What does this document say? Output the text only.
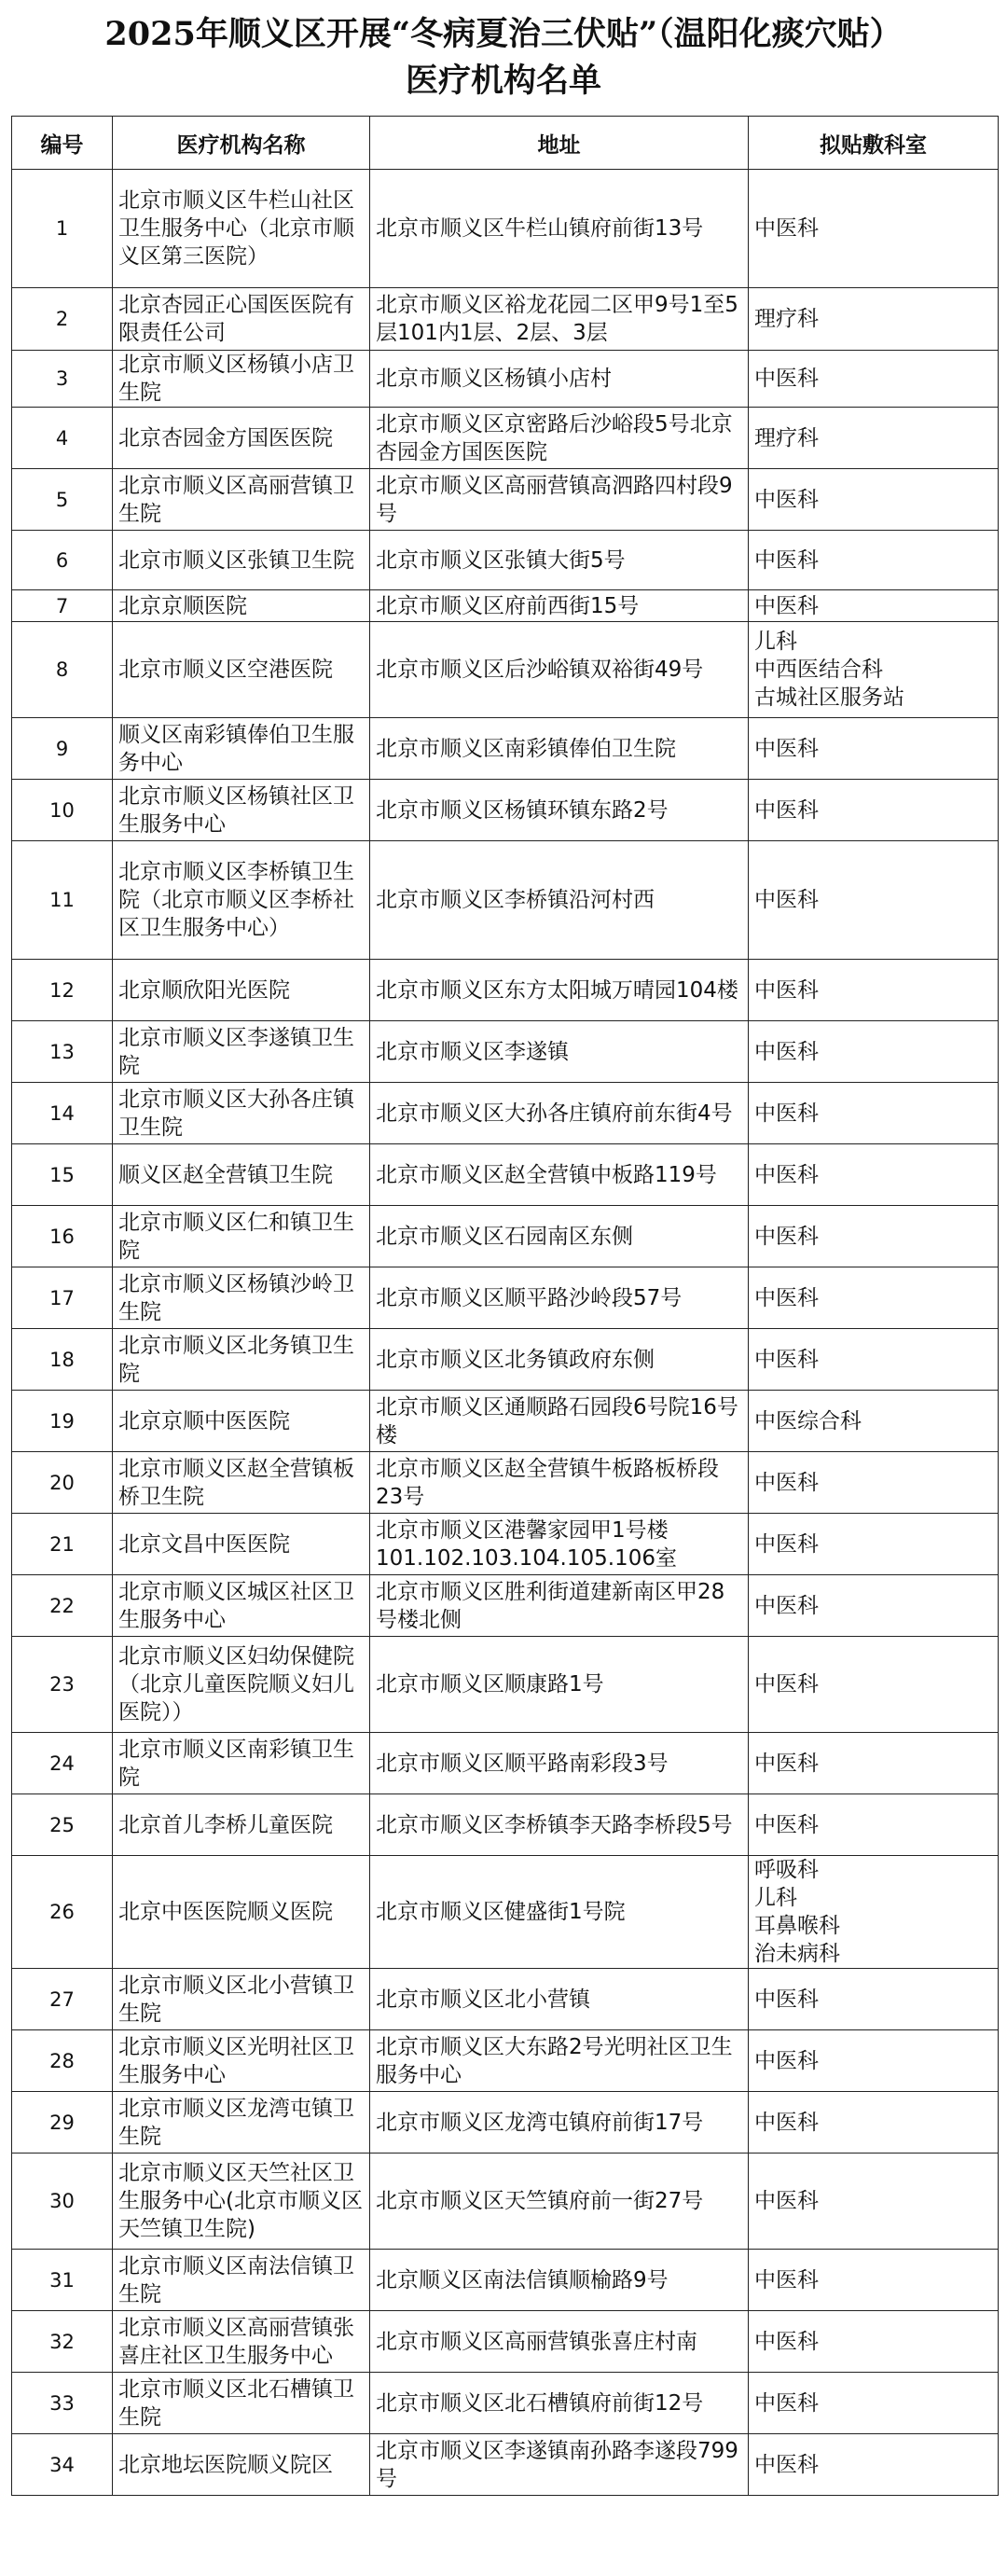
2025年顺义区开展“冬病夏治三伏贴”（温阳化痰穴贴）
医疗机构名单
编号	医疗机构名称	地址	拟贴敷科室
1	北京市顺义区牛栏山社区卫生服务中心（北京市顺义区第三医院）	北京市顺义区牛栏山镇府前街13号	中医科

2	北京杏园正心国医医院有限责任公司	北京市顺义区裕龙花园二区甲9号1至5层101内1层、2层、3层	理疗科

3	北京市顺义区杨镇小店卫生院	北京市顺义区杨镇小店村	中医科

4	北京杏园金方国医医院	北京市顺义区京密路后沙峪段5号北京杏园金方国医医院	理疗科

5	北京市顺义区高丽营镇卫生院	北京市顺义区高丽营镇高泗路四村段9号	中医科

6	北京市顺义区张镇卫生院	北京市顺义区张镇大街5号	中医科

7	北京京顺医院	北京市顺义区府前西街15号	中医科

8	北京市顺义区空港医院	北京市顺义区后沙峪镇双裕街49号	儿科
中西医结合科
古城社区服务站

9	顺义区南彩镇俸伯卫生服务中心	北京市顺义区南彩镇俸伯卫生院	中医科

10	北京市顺义区杨镇社区卫生服务中心	北京市顺义区杨镇环镇东路2号	中医科

11	北京市顺义区李桥镇卫生院（北京市顺义区李桥社区卫生服务中心）	北京市顺义区李桥镇沿河村西	中医科

12	北京顺欣阳光医院	北京市顺义区东方太阳城万晴园104楼	中医科

13	北京市顺义区李遂镇卫生院	北京市顺义区李遂镇	中医科

14	北京市顺义区大孙各庄镇卫生院	北京市顺义区大孙各庄镇府前东街4号	中医科

15	顺义区赵全营镇卫生院	北京市顺义区赵全营镇中板路119号	中医科

16	北京市顺义区仁和镇卫生院	北京市顺义区石园南区东侧	中医科

17	北京市顺义区杨镇沙岭卫生院	北京市顺义区顺平路沙岭段57号	中医科

18	北京市顺义区北务镇卫生院	北京市顺义区北务镇政府东侧	中医科

19	北京京顺中医医院	北京市顺义区通顺路石园段6号院16号楼	中医综合科

20	北京市顺义区赵全营镇板桥卫生院	北京市顺义区赵全营镇牛板路板桥段23号	中医科

21	北京文昌中医医院	北京市顺义区港馨家园甲1号楼101.102.103.104.105.106室	中医科

22	北京市顺义区城区社区卫生服务中心	北京市顺义区胜利街道建新南区甲28号楼北侧	中医科

23	北京市顺义区妇幼保健院（北京儿童医院顺义妇儿医院））	北京市顺义区顺康路1号	中医科

24	北京市顺义区南彩镇卫生院	北京市顺义区顺平路南彩段3号	中医科

25	北京首儿李桥儿童医院	北京市顺义区李桥镇李天路李桥段5号	中医科

26	北京中医医院顺义医院	北京市顺义区健盛街1号院	呼吸科
儿科
耳鼻喉科
治未病科

27	北京市顺义区北小营镇卫生院	北京市顺义区北小营镇	中医科

28	北京市顺义区光明社区卫生服务中心	北京市顺义区大东路2号光明社区卫生服务中心	中医科

29	北京市顺义区龙湾屯镇卫生院	北京市顺义区龙湾屯镇府前街17号	中医科

30	北京市顺义区天竺社区卫生服务中心(北京市顺义区天竺镇卫生院)	北京市顺义区天竺镇府前一街27号	中医科

31	北京市顺义区南法信镇卫生院	北京顺义区南法信镇顺榆路9号	中医科

32	北京市顺义区高丽营镇张喜庄社区卫生服务中心	北京市顺义区高丽营镇张喜庄村南	中医科

33	北京市顺义区北石槽镇卫生院	北京市顺义区北石槽镇府前街12号	中医科

34	北京地坛医院顺义院区	北京市顺义区李遂镇南孙路李遂段799号	中医科
